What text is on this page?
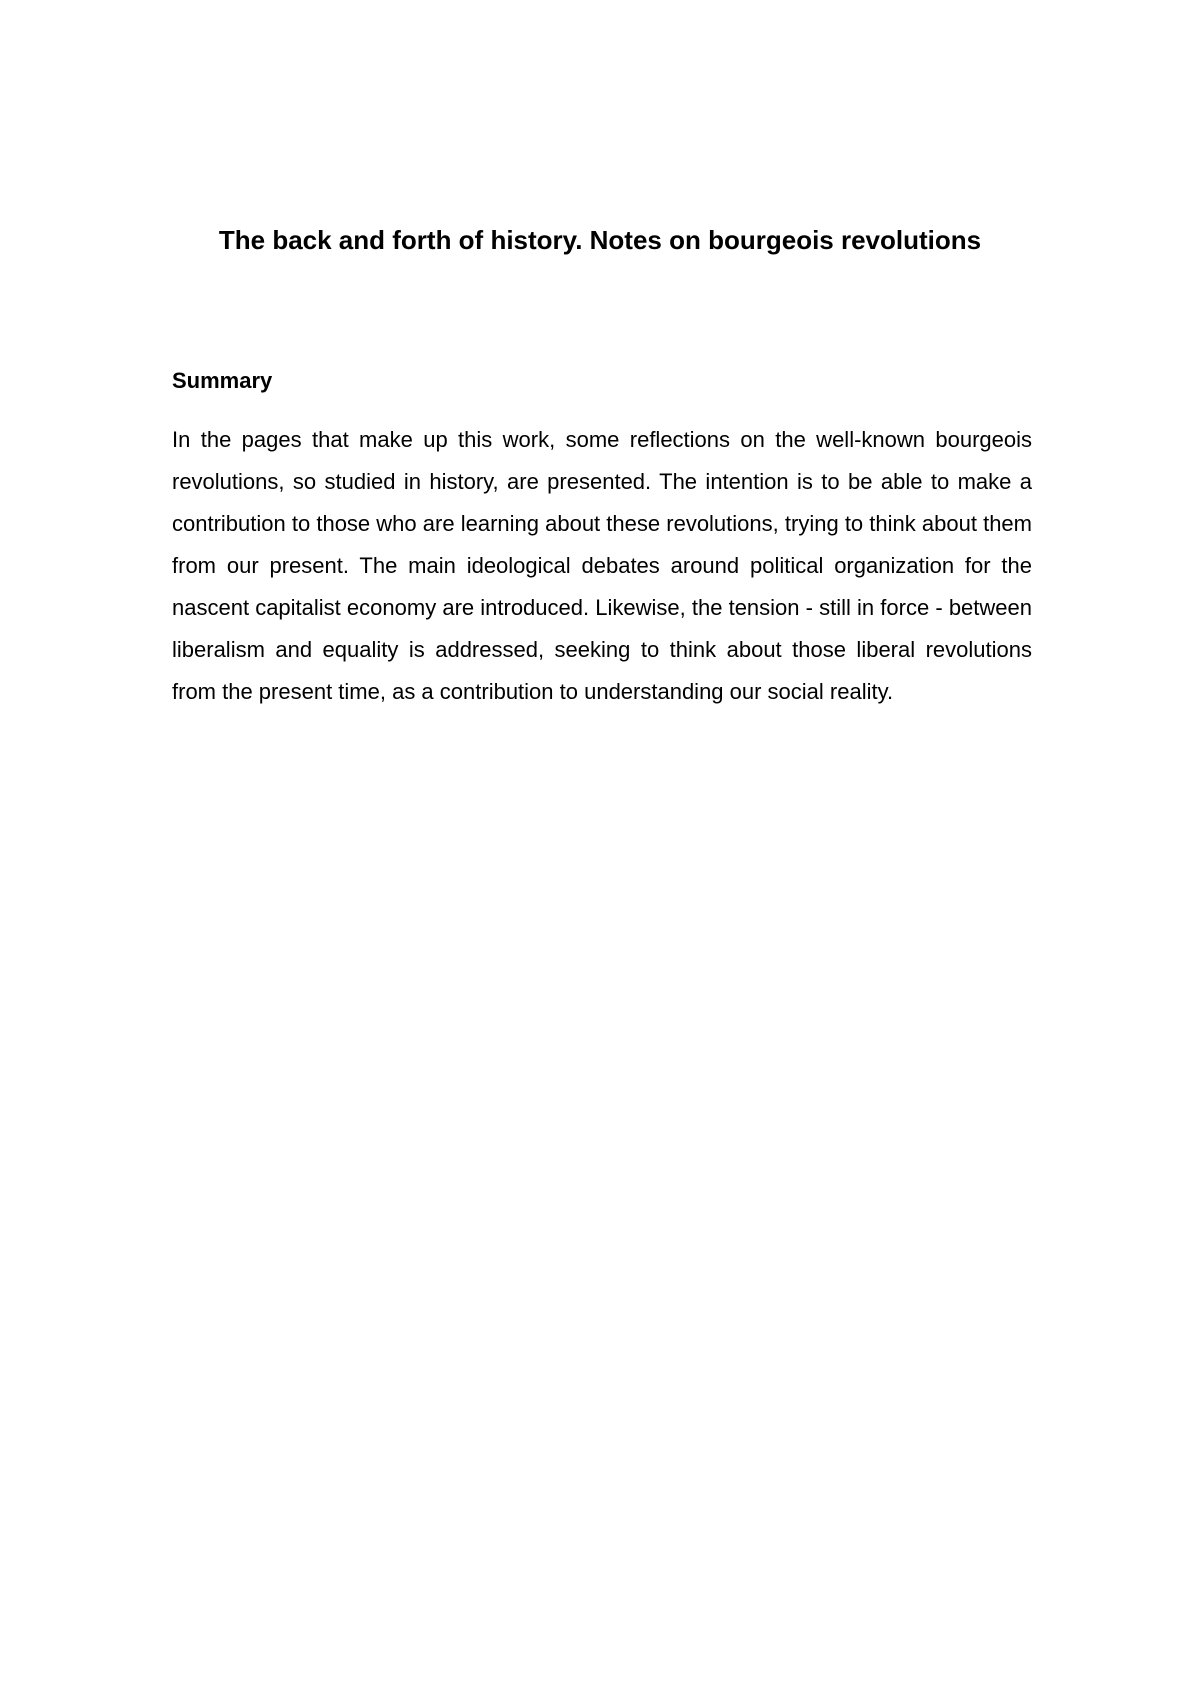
The back and forth of history. Notes on bourgeois revolutions
Summary

In the pages that make up this work, some reflections on the well-known bourgeois revolutions, so studied in history, are presented. The intention is to be able to make a contribution to those who are learning about these revolutions, trying to think about them from our present. The main ideological debates around political organization for the nascent capitalist economy are introduced. Likewise, the tension - still in force - between liberalism and equality is addressed, seeking to think about those liberal revolutions from the present time, as a contribution to understanding our social reality.
